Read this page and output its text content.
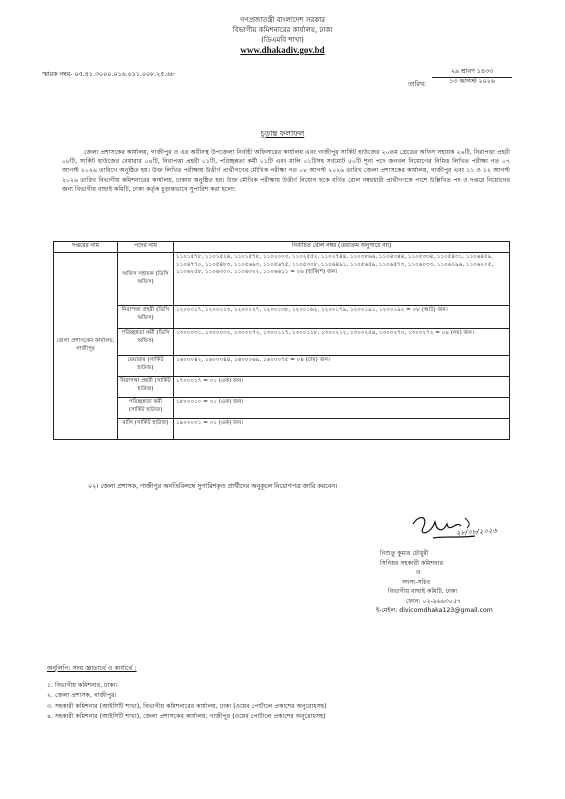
গণপ্রজাতন্ত্রী বাংলাদেশ সরকার
বিভাগীয় কমিশনারের কার্যালয়, ঢাকা
(ডিএমবি শাখা)
www.dhakadiv.gov.bd
স্মারক নম্বর- ০৫.৪১.৩০০০.০১৬.০১১.০০৮.২৫.৬৮
তারিখ:
২৯ শ্রাবণ ১৪৩৩
১৩ আগস্ট ২০২৬
চূড়ান্ত ফলাফল
জেলা প্রশাসকের কার্যালয়, গাজীপুর ও এর অধীনস্থ উপজেলা নির্বাহী অফিসারের কার্যালয় এবং গাজীপুর সার্কিট হাউজের ২০তম গ্রেডের অফিস সহায়ক ২৬টি, নিরাপত্তা প্রহরী ০৮টি, সার্কিট হাউজের বেয়ারার ০৪টি, নিরাপত্তা প্রহরী ০১টি, পরিচ্ছন্নতা কর্মী ০১টি এবং মালি ০১টিসহ সর্বমোট ৫০টি শূন্য পদে জনবল নিয়োগের নিমিত্ত লিখিত পরীক্ষা গত ০৭ আগস্ট ২০২৬ তারিখে অনুষ্ঠিত হয়। উক্ত লিখিত পরীক্ষায় উত্তীর্ণ প্রার্থীগণের মৌখিক পরীক্ষা গত ০৮ আগস্ট ২০২৬ তারিখ জেলা প্রশাসকের কার্যালয়, গাজীপুর এবং ১১ ও ১২ আগস্ট ২০২৬ তারিখ বিভাগীয় কমিশনারের কার্যালয়, ঢাকায় অনুষ্ঠিত হয়। উক্ত মৌখিক পরীক্ষায় উত্তীর্ণ নিয়োগ ছকে বর্ণিত রোল নম্বরধারী প্রার্থীগণকে পাশে উল্লিখিত পদ ও দপ্তরে নিয়োগের জন্য বিভাগীয় বাছাই কমিটি, ঢাকা কর্তৃক চূড়ান্তভাবে সুপারিশ করা হলো:
দপ্তরের নাম	পদের নাম	নির্বাচিত রোল নম্বর (মেধাক্রম অনুসারে নয়)
জেলা প্রশাসকের কার্যালয়, গাজীপুর	অফিস সহায়ক (ডিসি অফিস)	১১০১৫৭৮, ১১০১৫২৪, ১১০১৫৭৮, ১১০২০০৩, ১১০২৫৫২, ১১০২৭৪৪, ১১০৩৮৬৬, ১১০৪৩৪৪, ১১০৫৩৩৪, ১১০৫৪৩১, ১১০৬৪৫৯, ১১০৪৭৭০, ১১০৫৪৮৩, ১১০৫৬৯৩, ১১০৫৬৭৫, ১১০৫৩০৮, ১১০৬৪৯১, ১১০৫৬৫৯, ১১০৬৫৭৩, ১১০৬০৩৩, ১১০৬০৯৬, ১১০৬২০৫, ১১০৬২৫৮, ১১০৬৩০০, ১১০৬৩২২, ১১০৬৬১১ = ২৬ (ছাব্বিশ) জন।
	নিরাপত্তা প্রহরী (ডিসি অফিস)	১২০০০১৭, ১২০০১১৩, ১২০০১২৭, ১২০০১৩৮, ১২০০১৬২, ১২০০১৭৯, ১২০০১৯১, ১২০০১৯২ = ০৮ (আট) জন।
	পরিচ্ছন্নতা কর্মী (ডিসি অফিস)	১৩০০০৩১, ১৩০০০৩২, ১৩০০০৭২, ১৩০০১১৭, ১৩০০১১৮, ১৩০০২১২, ১৩০০২৫৬, ১৩০০২৭০, ১৩০০২৭২ = ০৯ (নয়) জন।
	বেয়ারার (সার্কিট হাউজ)	১৬০০০৪২, ১৬০০০৪৪, ১৬০০০৬৯, ১৬০০০৭৫ = ০৪ (চার) জন।
	নিরাপত্তা প্রহরী (সার্কিট হাউজ)	১৭০০০১৭ = ০১ (এক) জন।
	পরিচ্ছন্নতা কর্মী (সার্কিট হাউজ)	১৮০০০১০ = ০১ (এক) জন।
	মালি (সার্কিট হাউজ)	১৯০০০০১ = ০১ (এক) জন।
০২। জেলা প্রশাসক, গাজীপুর অনতিবিলম্বে সুপারিশকৃত প্রার্থীদের অনুকূলে নিয়োগপত্র জারি করবেন।
২৮/০৮/২০২৬
নিশুতু কুমার চৌধুরী
সিনিয়র সহকারী কমিশনার
ও
সদস্য-সচিব
বিভাগীয় বাছাই কমিটি, ঢাকা
ফোন: ০২-৯৬৬৩০৫৭
ই-মেইল: divicomdhaka123@gmail.com
অনুলিপি: সদয় জ্ঞাতার্থে ও কার্যার্থে :
১. বিভাগীয় কমিশনার, ঢাকা।
২. জেলা প্রশাসক, গাজীপুর।
৩. সহকারী কমিশনার (আইসিটি শাখা), বিভাগীয় কমিশনারের কার্যালয়, ঢাকা (ওয়েব পোর্টালে প্রকাশের অনুরোধসহ)
৪. সহকারী কমিশনার (আইসিটি শাখা), জেলা প্রশাসকের কার্যালয়, গাজীপুর (ওয়েব পোর্টালে প্রকাশের অনুরোধসহ)
